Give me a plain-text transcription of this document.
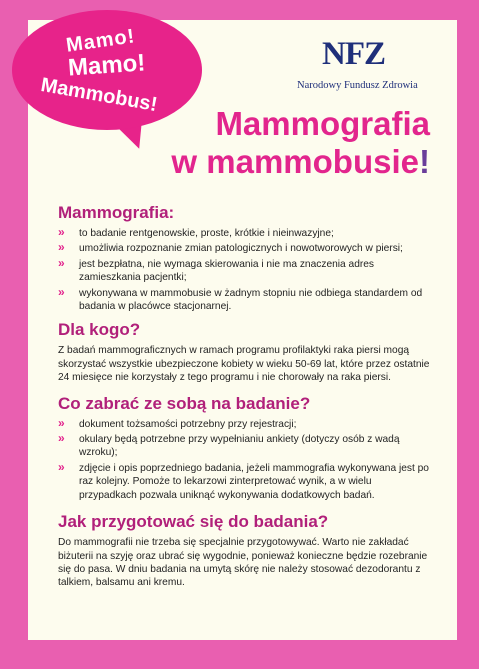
Mamo!
Mamo!
Mammobus!
NFZ
Narodowy Fundusz Zdrowia
Mammografia
w mammobusie!
Mammografia:
» to badanie rentgenowskie, proste, krótkie i nieinwazyjne;
» umożliwia rozpoznanie zmian patologicznych i nowotworowych w piersi;
» jest bezpłatna, nie wymaga skierowania i nie ma znaczenia adres zamieszkania pacjentki;
» wykonywana w mammobusie w żadnym stopniu nie odbiega standardem od badania w placówce stacjonarnej.
Dla kogo?

Z badań mammograficznych w ramach programu profilaktyki raka piersi mogą skorzystać wszystkie ubezpieczone kobiety w wieku 50-69 lat, które przez ostatnie 24 miesięce nie korzystały z tego programu i nie chorowały na raka piersi.

Co zabrać ze sobą na badanie?
» dokument tożsamości potrzebny przy rejestracji;
» okulary będą potrzebne przy wypełnianiu ankiety (dotyczy osób z wadą wzroku);
» zdjęcie i opis poprzedniego badania, jeżeli mammografia wykonywana jest po raz kolejny. Pomoże to lekarzowi zinterpretować wynik, a w wielu przypadkach pozwala uniknąć wykonywania dodatkowych badań.
Jak przygotować się do badania?

Do mammografii nie trzeba się specjalnie przygotowywać. Warto nie zakładać biżuterii na szyję oraz ubrać się wygodnie, ponieważ konieczne będzie rozebranie się do pasa. W dniu badania na umytą skórę nie należy stosować dezodorantu z talkiem, balsamu ani kremu.
